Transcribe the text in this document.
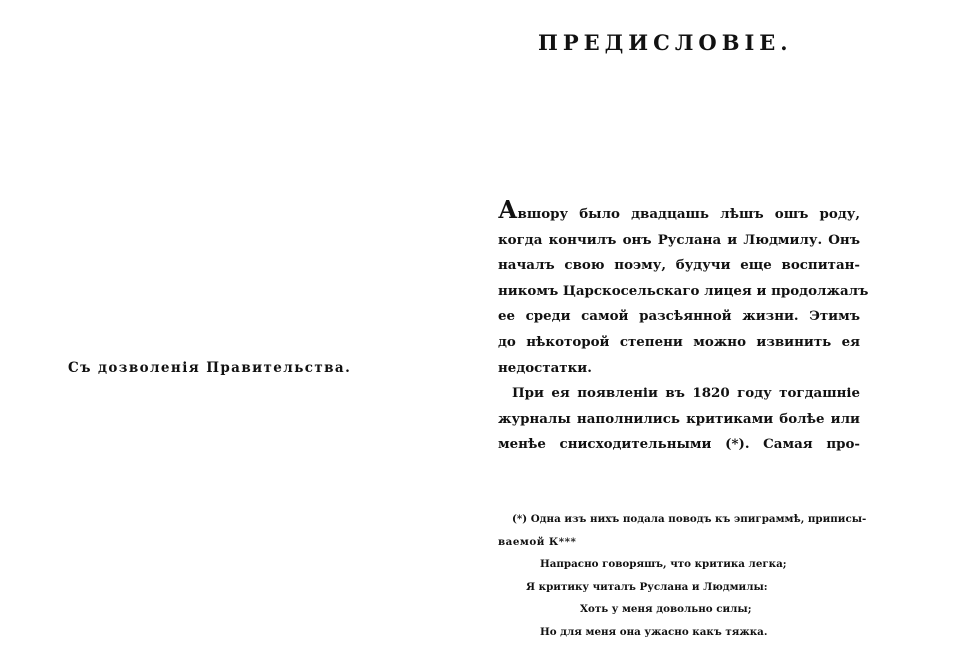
Съ дозволенія Правительства.
ПРЕДИСЛОВІЕ.
Авшору было двадцашь лѣшъ ошъ роду,
когда кончилъ онъ Руслана и Людмилу. Онъ
началъ свою поэму, будучи еще воспитан-
никомъ Царскосельскаго лицея и продолжалъ
ее среди самой разсѣянной жизни. Этимъ
до нѣкоторой степени можно извинить ея
недостатки.
При ея появленіи въ 1820 году тогдашніе
журналы наполнились критиками болѣе или
менѣе снисходительными (*). Самая про-
(*) Одна изъ нихъ подала поводъ къ эпиграммѣ, приписы-
ваемой К***
Напрасно говоряшъ, что критика легка;
Я критику читалъ Руслана и Людмилы:
Хоть у меня довольно силы;
Но для меня она ужасно какъ тяжка.
